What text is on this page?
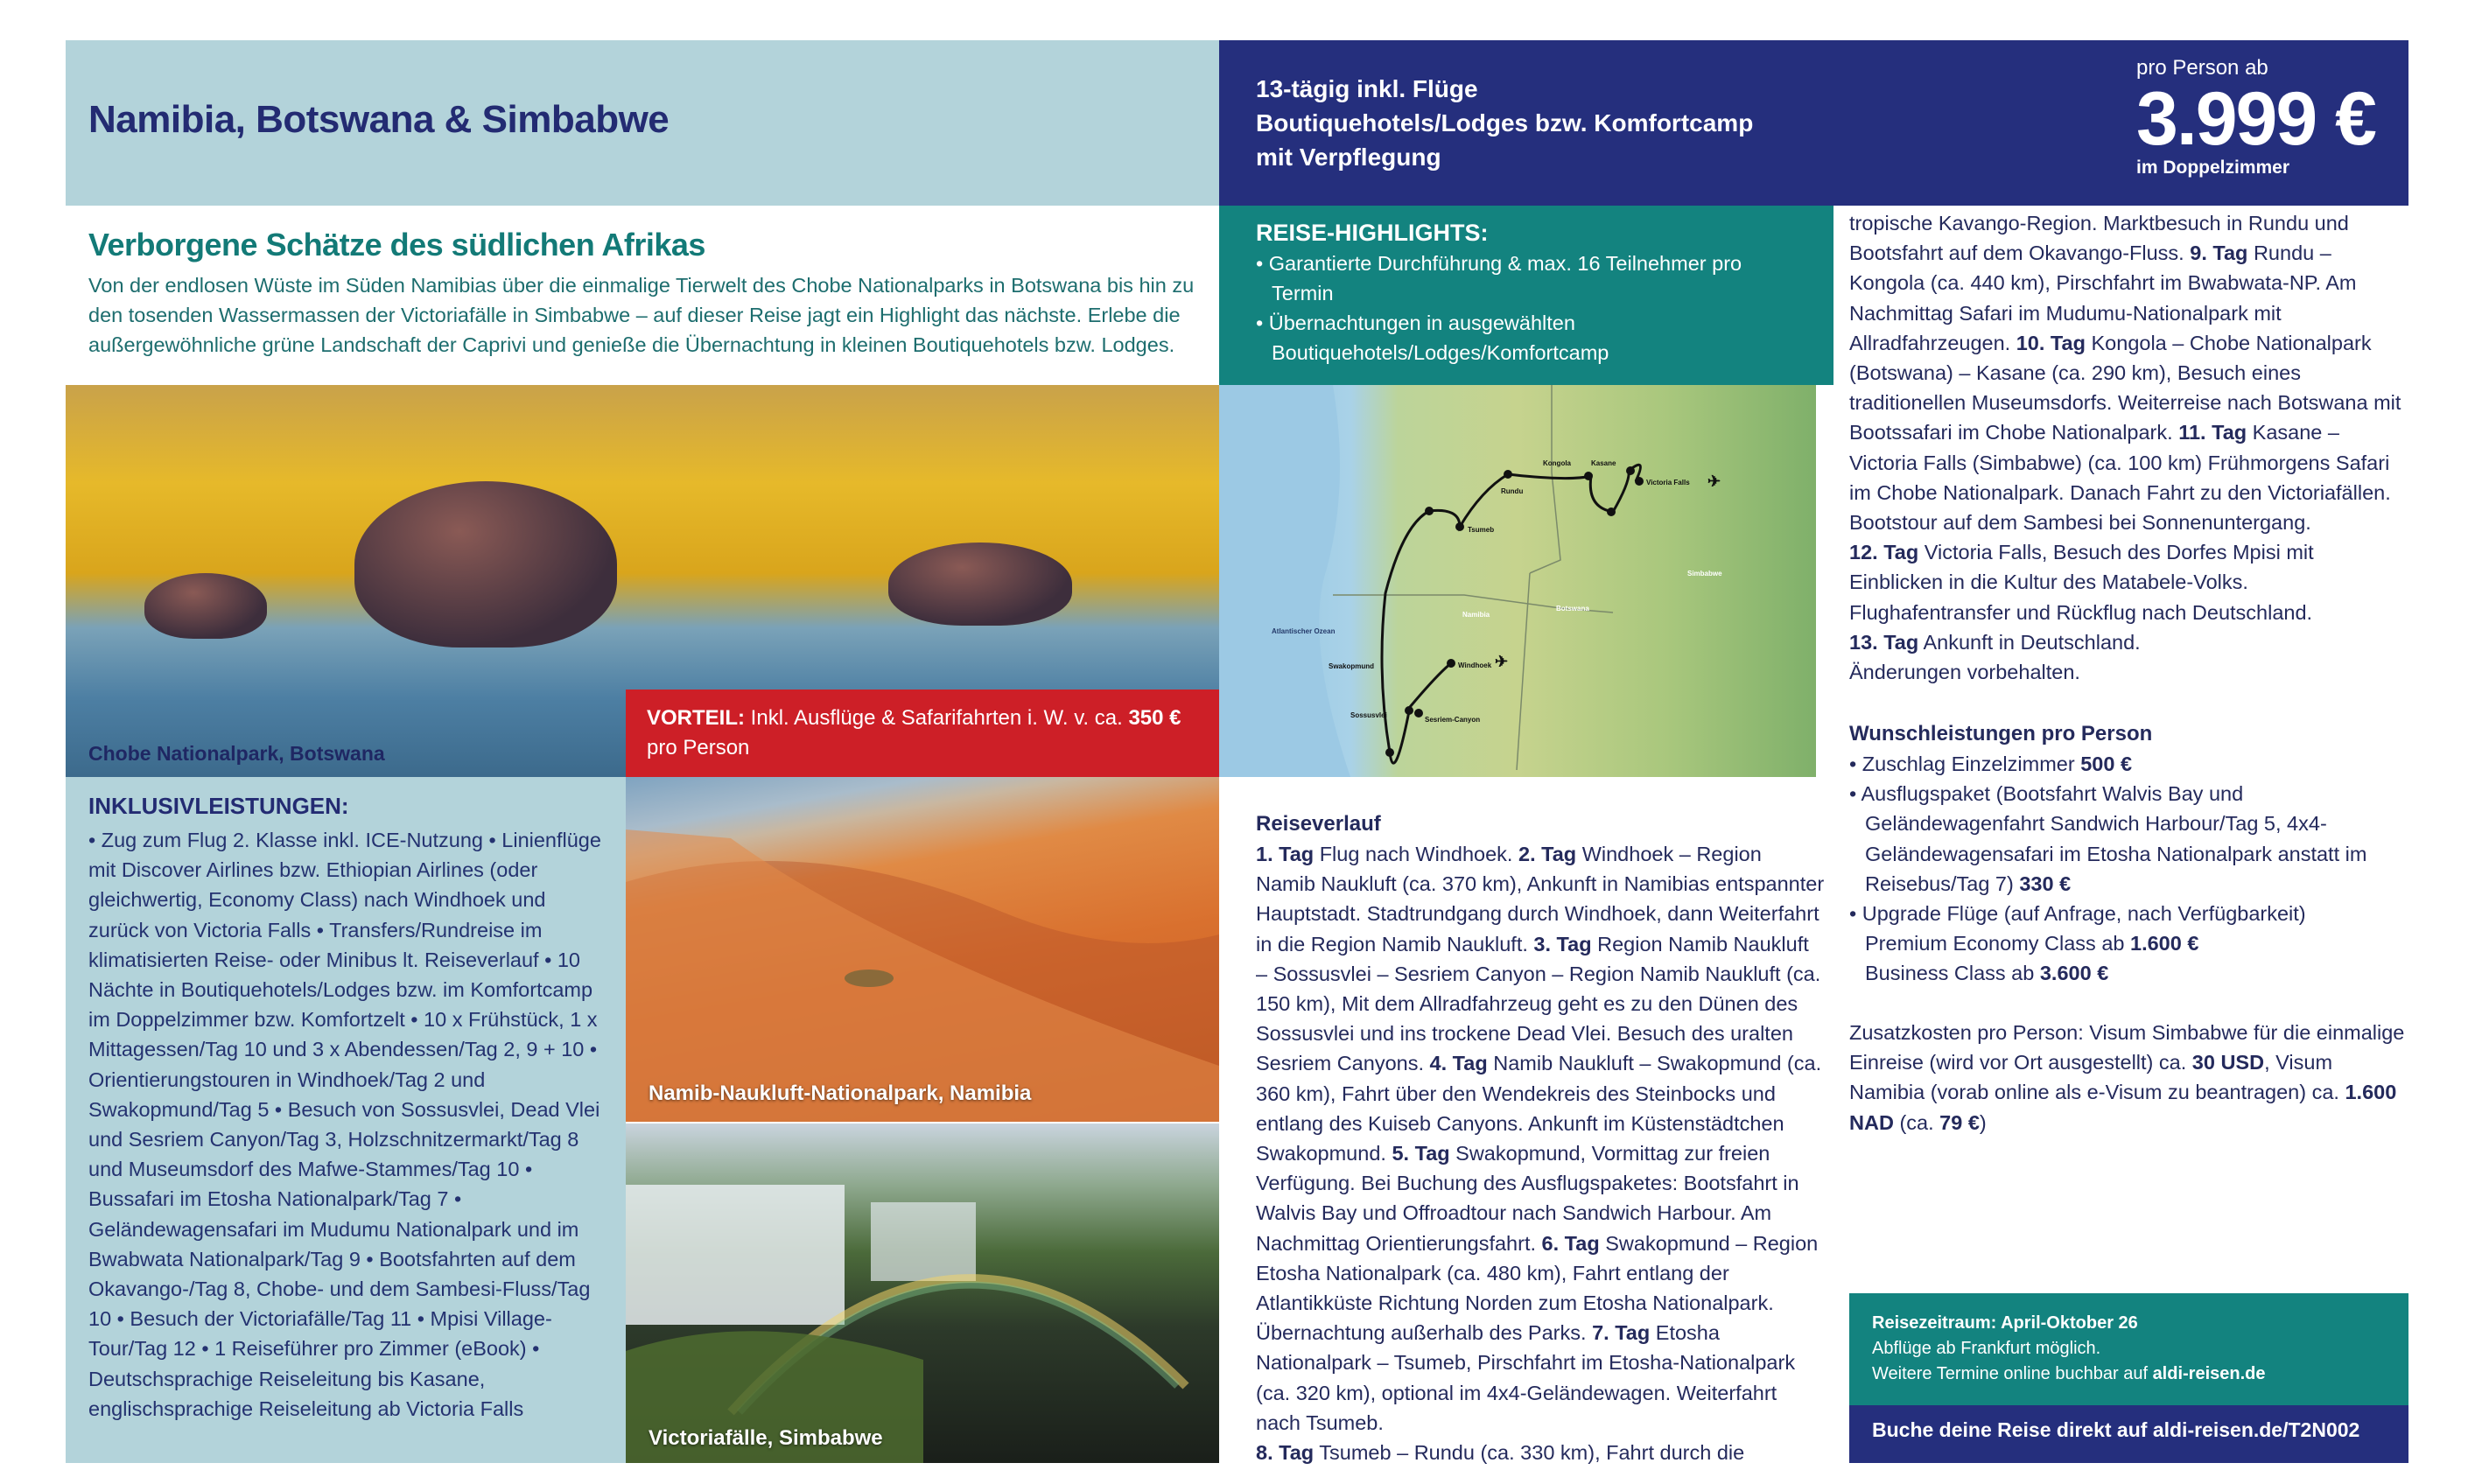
Namibia, Botswana & Simbabwe
13-tägig inkl. Flüge
Boutiquehotels/Lodges bzw. Komfortcamp
mit Verpflegung
pro Person ab
3.999 €
im Doppelzimmer
Verborgene Schätze des südlichen Afrikas

Von der endlosen Wüste im Süden Namibias über die einmalige Tierwelt des Chobe Nationalparks in Botswana bis hin zu den tosenden Wassermassen der Victoriafälle in Simbabwe – auf dieser Reise jagt ein Highlight das nächste. Erlebe die außergewöhnliche grüne Landschaft der Caprivi und genieße die Übernachtung in kleinen Boutiquehotels bzw. Lodges.

Chobe Nationalpark, Botswana
VORTEIL: Inkl. Ausflüge & Safarifahrten i. W. v. ca. 350 €
pro Person
INKLUSIVLEISTUNGEN:

• Zug zum Flug 2. Klasse inkl. ICE-Nutzung • Linienflüge mit Discover Airlines bzw. Ethiopian Airlines (oder gleichwertig, Economy Class) nach Windhoek und zurück von Victoria Falls • Transfers/Rundreise im klimatisierten Reise- oder Minibus lt. Reiseverlauf • 10 Nächte in Boutiquehotels/Lodges bzw. im Komfortcamp im Doppelzimmer bzw. Komfortzelt • 10 x Frühstück, 1 x Mittagessen/Tag 10 und 3 x Abendessen/Tag 2, 9 + 10 • Orientierungstouren in Windhoek/Tag 2 und Swakopmund/Tag 5 • Besuch von Sossusvlei, Dead Vlei und Sesriem Canyon/Tag 3, Holzschnitzermarkt/Tag 8 und Museumsdorf des Mafwe-Stammes/Tag 10 • Bussafari im Etosha Nationalpark/Tag 7 • Geländewagensafari im Mudumu Nationalpark und im Bwabwata Nationalpark/Tag 9 • Bootsfahrten auf dem Okavango-/Tag 8, Chobe- und dem Sambesi-Fluss/Tag 10 • Besuch der Victoriafälle/Tag 11 • Mpisi Village-Tour/Tag 12 • 1 Reiseführer pro Zimmer (eBook) • Deutschsprachige Reiseleitung bis Kasane, englischsprachige Reiseleitung ab Victoria Falls

Namib-Naukluft-Nationalpark, Namibia
Victoriafälle, Simbabwe
REISE-HIGHLIGHTS:
• Garantierte Durchführung & max. 16 Teilnehmer pro Termin
• Übernachtungen in ausgewählten Boutiquehotels/Lodges/Komfortcamp
Atlantischer Ozean
Swakopmund	Windhoek
Sossusvlei
Sesriem-Canyon
Tsumeb
Rundu
Kongola	Kasane
Victoria Falls
Namibia
Botswana
Simbabwe
✈
✈
Reiseverlauf

1. Tag Flug nach Windhoek. 2. Tag Windhoek – Region Namib Naukluft (ca. 370 km), Ankunft in Namibias entspannter Hauptstadt. Stadtrundgang durch Windhoek, dann Weiterfahrt in die Region Namib Naukluft. 3. Tag Region Namib Naukluft – Sossusvlei – Sesriem Canyon – Region Namib Naukluft (ca. 150 km), Mit dem Allradfahrzeug geht es zu den Dünen des Sossusvlei und ins trockene Dead Vlei. Besuch des uralten Sesriem Canyons. 4. Tag Namib Naukluft – Swakopmund (ca. 360 km), Fahrt über den Wendekreis des Steinbocks und entlang des Kuiseb Canyons. Ankunft im Küstenstädtchen Swakopmund. 5. Tag Swakopmund, Vormittag zur freien Verfügung. Bei Buchung des Ausflugspaketes: Bootsfahrt in Walvis Bay und Offroadtour nach Sandwich Harbour. Am Nachmittag Orientierungsfahrt. 6. Tag Swakopmund – Region Etosha Nationalpark (ca. 480 km), Fahrt entlang der Atlantikküste Richtung Norden zum Etosha Nationalpark. Übernachtung außerhalb des Parks. 7. Tag Etosha Nationalpark – Tsumeb, Pirschfahrt im Etosha-Nationalpark (ca. 320 km), optional im 4x4-Geländewagen. Weiterfahrt nach Tsumeb.
8. Tag Tsumeb – Rundu (ca. 330 km), Fahrt durch die

tropische Kavango-Region. Marktbesuch in Rundu und Bootsfahrt auf dem Okavango-Fluss. 9. Tag Rundu – Kongola (ca. 440 km), Pirschfahrt im Bwabwata-NP. Am Nachmittag Safari im Mudumu-Nationalpark mit Allradfahrzeugen. 10. Tag Kongola – Chobe Nationalpark (Botswana) – Kasane (ca. 290 km), Besuch eines traditionellen Museumsdorfs. Weiterreise nach Botswana mit Bootssafari im Chobe Nationalpark. 11. Tag Kasane – Victoria Falls (Simbabwe) (ca. 100 km) Frühmorgens Safari im Chobe Nationalpark. Danach Fahrt zu den Victoriafällen. Bootstour auf dem Sambesi bei Sonnenuntergang.
12. Tag Victoria Falls, Besuch des Dorfes Mpisi mit Einblicken in die Kultur des Matabele-Volks. Flughafentransfer und Rückflug nach Deutschland.
13. Tag Ankunft in Deutschland.
Änderungen vorbehalten.

Wunschleistungen pro Person
• Zuschlag Einzelzimmer 500 €
• Ausflugspaket (Bootsfahrt Walvis Bay und Geländewagenfahrt Sandwich Harbour/Tag 5, 4x4-Geländewagensafari im Etosha Nationalpark anstatt im Reisebus/Tag 7) 330 €
• Upgrade Flüge (auf Anfrage, nach Verfügbarkeit)
Premium Economy Class ab 1.600 €
Business Class ab 3.600 €
Zusatzkosten pro Person: Visum Simbabwe für die einmalige Einreise (wird vor Ort ausgestellt) ca. 30 USD, Visum Namibia (vorab online als e-Visum zu beantragen) ca. 1.600 NAD (ca. 79 €)
Reisezeitraum: April-Oktober 26
Abflüge ab Frankfurt möglich.
Weitere Termine online buchbar auf aldi-reisen.de
Buche deine Reise direkt auf aldi-reisen.de/T2N002
